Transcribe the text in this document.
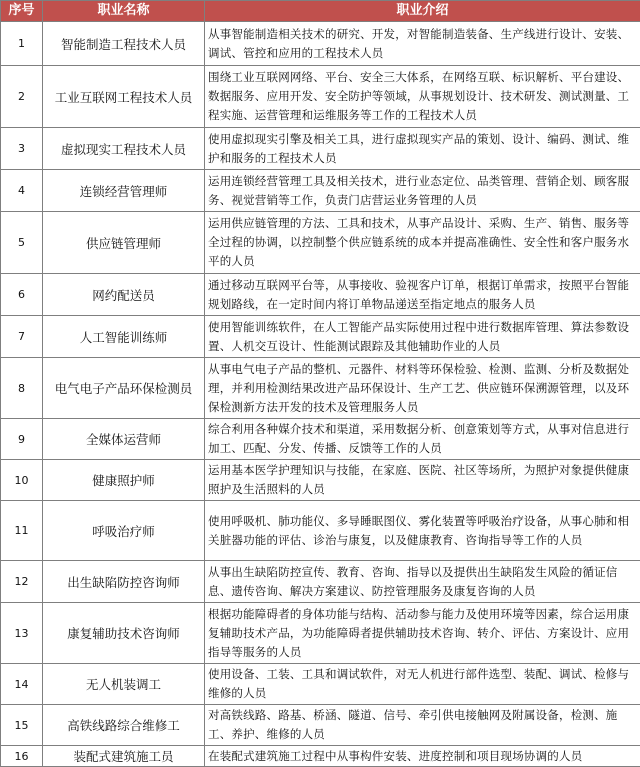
序号	职业名称	职业介绍
1	智能制造工程技术人员	从事智能制造相关技术的研究、开发，对智能制造装备、生产线进行设计、安装、调试、管控和应用的工程技术人员
2	工业互联网工程技术人员	围绕工业互联网网络、平台、安全三大体系，在网络互联、标识解析、平台建设、数据服务、应用开发、安全防护等领域，从事规划设计、技术研发、测试测量、工程实施、运营管理和运维服务等工作的工程技术人员
3	虚拟现实工程技术人员	使用虚拟现实引擎及相关工具，进行虚拟现实产品的策划、设计、编码、测试、维护和服务的工程技术人员
4	连锁经营管理师	运用连锁经营管理工具及相关技术，进行业态定位、品类管理、营销企划、顾客服务、视觉营销等工作，负责门店营运业务管理的人员
5	供应链管理师	运用供应链管理的方法、工具和技术，从事产品设计、采购、生产、销售、服务等全过程的协调，以控制整个供应链系统的成本并提高准确性、安全性和客户服务水平的人员
6	网约配送员	通过移动互联网平台等，从事接收、验视客户订单，根据订单需求，按照平台智能规划路线，在一定时间内将订单物品递送至指定地点的服务人员
7	人工智能训练师	使用智能训练软件，在人工智能产品实际使用过程中进行数据库管理、算法参数设置、人机交互设计、性能测试跟踪及其他辅助作业的人员
8	电气电子产品环保检测员	从事电气电子产品的整机、元器件、材料等环保检验、检测、监测、分析及数据处理，并利用检测结果改进产品环保设计、生产工艺、供应链环保溯源管理，以及环保检测新方法开发的技术及管理服务人员
9	全媒体运营师	综合利用各种媒介技术和渠道，采用数据分析、创意策划等方式，从事对信息进行加工、匹配、分发、传播、反馈等工作的人员
10	健康照护师	运用基本医学护理知识与技能，在家庭、医院、社区等场所，为照护对象提供健康照护及生活照料的人员
11	呼吸治疗师	使用呼吸机、肺功能仪、多导睡眠图仪、雾化装置等呼吸治疗设备，从事心肺和相关脏器功能的评估、诊治与康复，以及健康教育、咨询指导等工作的人员
12	出生缺陷防控咨询师	从事出生缺陷防控宣传、教育、咨询、指导以及提供出生缺陷发生风险的循证信息、遗传咨询、解决方案建议、防控管理服务及康复咨询的人员
13	康复辅助技术咨询师	根据功能障碍者的身体功能与结构、活动参与能力及使用环境等因素，综合运用康复辅助技术产品，为功能障碍者提供辅助技术咨询、转介、评估、方案设计、应用指导等服务的人员
14	无人机装调工	使用设备、工装、工具和调试软件，对无人机进行部件选型、装配、调试、检修与维修的人员
15	高铁线路综合维修工	对高铁线路、路基、桥涵、隧道、信号、牵引供电接触网及附属设备，检测、施工、养护、维修的人员
16	装配式建筑施工员	在装配式建筑施工过程中从事构件安装、进度控制和项目现场协调的人员
